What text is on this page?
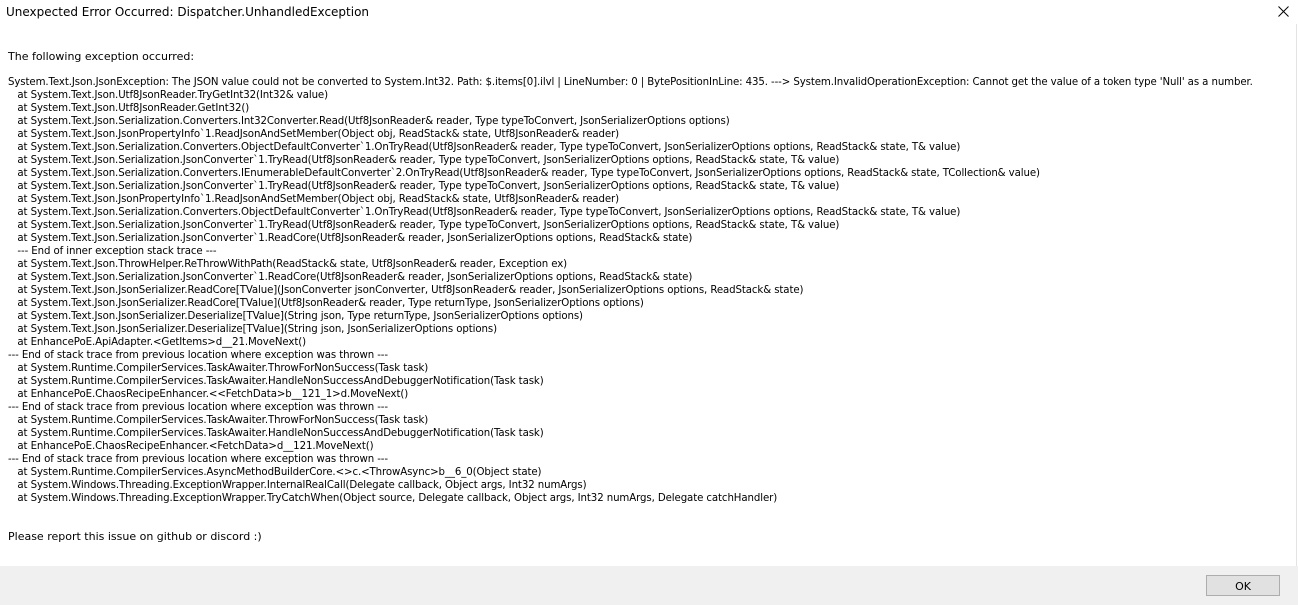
Unexpected Error Occurred: Dispatcher.UnhandledException
The following exception occurred:
System.Text.Json.JsonException: The JSON value could not be converted to System.Int32. Path: $.items[0].ilvl | LineNumber: 0 | BytePositionInLine: 435. ---> System.InvalidOperationException: Cannot get the value of a token type 'Null' as a number.
at System.Text.Json.Utf8JsonReader.TryGetInt32(Int32& value)
at System.Text.Json.Utf8JsonReader.GetInt32()
at System.Text.Json.Serialization.Converters.Int32Converter.Read(Utf8JsonReader& reader, Type typeToConvert, JsonSerializerOptions options)
at System.Text.Json.JsonPropertyInfo`1.ReadJsonAndSetMember(Object obj, ReadStack& state, Utf8JsonReader& reader)
at System.Text.Json.Serialization.Converters.ObjectDefaultConverter`1.OnTryRead(Utf8JsonReader& reader, Type typeToConvert, JsonSerializerOptions options, ReadStack& state, T& value)
at System.Text.Json.Serialization.JsonConverter`1.TryRead(Utf8JsonReader& reader, Type typeToConvert, JsonSerializerOptions options, ReadStack& state, T& value)
at System.Text.Json.Serialization.Converters.IEnumerableDefaultConverter`2.OnTryRead(Utf8JsonReader& reader, Type typeToConvert, JsonSerializerOptions options, ReadStack& state, TCollection& value)
at System.Text.Json.Serialization.JsonConverter`1.TryRead(Utf8JsonReader& reader, Type typeToConvert, JsonSerializerOptions options, ReadStack& state, T& value)
at System.Text.Json.JsonPropertyInfo`1.ReadJsonAndSetMember(Object obj, ReadStack& state, Utf8JsonReader& reader)
at System.Text.Json.Serialization.Converters.ObjectDefaultConverter`1.OnTryRead(Utf8JsonReader& reader, Type typeToConvert, JsonSerializerOptions options, ReadStack& state, T& value)
at System.Text.Json.Serialization.JsonConverter`1.TryRead(Utf8JsonReader& reader, Type typeToConvert, JsonSerializerOptions options, ReadStack& state, T& value)
at System.Text.Json.Serialization.JsonConverter`1.ReadCore(Utf8JsonReader& reader, JsonSerializerOptions options, ReadStack& state)
--- End of inner exception stack trace ---
at System.Text.Json.ThrowHelper.ReThrowWithPath(ReadStack& state, Utf8JsonReader& reader, Exception ex)
at System.Text.Json.Serialization.JsonConverter`1.ReadCore(Utf8JsonReader& reader, JsonSerializerOptions options, ReadStack& state)
at System.Text.Json.JsonSerializer.ReadCore[TValue](JsonConverter jsonConverter, Utf8JsonReader& reader, JsonSerializerOptions options, ReadStack& state)
at System.Text.Json.JsonSerializer.ReadCore[TValue](Utf8JsonReader& reader, Type returnType, JsonSerializerOptions options)
at System.Text.Json.JsonSerializer.Deserialize[TValue](String json, Type returnType, JsonSerializerOptions options)
at System.Text.Json.JsonSerializer.Deserialize[TValue](String json, JsonSerializerOptions options)
at EnhancePoE.ApiAdapter.<GetItems>d__21.MoveNext()
--- End of stack trace from previous location where exception was thrown ---
at System.Runtime.CompilerServices.TaskAwaiter.ThrowForNonSuccess(Task task)
at System.Runtime.CompilerServices.TaskAwaiter.HandleNonSuccessAndDebuggerNotification(Task task)
at EnhancePoE.ChaosRecipeEnhancer.<<FetchData>b__121_1>d.MoveNext()
--- End of stack trace from previous location where exception was thrown ---
at System.Runtime.CompilerServices.TaskAwaiter.ThrowForNonSuccess(Task task)
at System.Runtime.CompilerServices.TaskAwaiter.HandleNonSuccessAndDebuggerNotification(Task task)
at EnhancePoE.ChaosRecipeEnhancer.<FetchData>d__121.MoveNext()
--- End of stack trace from previous location where exception was thrown ---
at System.Runtime.CompilerServices.AsyncMethodBuilderCore.<>c.<ThrowAsync>b__6_0(Object state)
at System.Windows.Threading.ExceptionWrapper.InternalRealCall(Delegate callback, Object args, Int32 numArgs)
at System.Windows.Threading.ExceptionWrapper.TryCatchWhen(Object source, Delegate callback, Object args, Int32 numArgs, Delegate catchHandler)
Please report this issue on github or discord :)
OK
